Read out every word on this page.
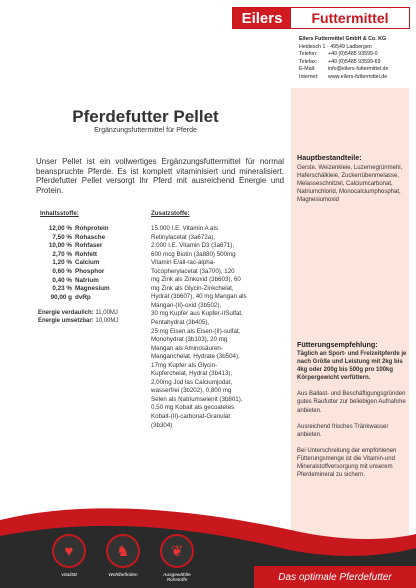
Eilers	Futtermittel
Eilers Futtermittel GmbH & Co. KG
Heidesch 1 · 49549 Ladbergen
Telefon:	+49 (0)5485 93599-0
Telefax:	+49 (0)5485 93599-69
E-Mail:	info@eilers-futtermittel.de
Internet:	www.eilers-futtermittel.de
Pferdefutter Pellet
Ergänzungsfuttermittel für Pferde
Unser Pellet ist ein vollwertiges Ergänzungsfuttermittel für normal beanspruchte Pferde. Es ist komplett vitaminisiert und mineralisiert. Pferdefutter Pellet versorgt Ihr Pferd mit ausreichend Energie und Protein.
Inhaltsstoffe:
12,00 % Rohprotein
7,50 % Rohasche
10,00 % Rohfaser
2,70 % Rohfett
1,20 % Calcium
0,60 % Phosphor
0,40 % Natrium
0,23 % Magnesium
90,00 g dvRp
Energie verdaulich: 11,00MJ
Energie umsetzbar: 10,00MJ
Zusatzstoffe:
15.000 I.E. Vitamin A als
Retinylacetat (3a672a),
2.000 I.E. Vitamin D3 (3a671),
600 mcg Biotin (3a880) 500mg
Vitamin E/all-rac-alpha-
Tocopherylacetat (3a700), 120
mg Zink als Zinkoxid (3b603), 60
mg Zink als Glycin-Zinkchelat,
Hydrat (3b607), 40 mg Mangan als
Mangan-(II)-oxid (3b502),
30 mg Kupfer aus Kupfer-IISulfat,
Pentahydrat (3b405),
25 mg Eisen als Eisen-(II)-sulfat,
Monohydrat (3b103), 20 mg
Mangan als Aminosäuren-
Manganchelat, Hydrate (3b504),
17mg Kupfer als Glycin-
Kupferchelat, Hydrat (3b413),
2,00mg Jod las Calciumjodat,
wasserfrei (3b202), 0,800 mg
Selen als Natriumselenit (3b801),
0,50 mg Kobalt als gecoatetes
Kobalt-(II)-carbonat-Granulat
(3b304)
Hauptbestandteile:
Gerste, Weizenkleie, Luzernegrünmehl, Haferschälkleie, Zuckerrübenmelasse, Melasseschnitzel, Calciumcarbonat, Natriumchlorid, Monocalciumphosphat, Magnesiumoxid
Fütterungsempfehlung:

Täglich an Sport- und Freizeitpferde je nach Größe und Leistung mit 2kg bis 4kg oder 200g bis 500g pro 100kg Körpergewicht verfüttern.

Aus Ballast- und Beschäftigungsgründen gutes Raufutter zur beliebigen Aufnahme anbieten.

Ausreichend frisches Tränkwasser anbieten.

Bei Unterschreitung der empfohlenen Fütterungsmenge ist die Vitamin-und Mineralstoffversorgung mit unserem Pferdemineral zu sichern.

♥
Vitalität
♞
Wohlbefinden
❦
Ausgewählte Rohstoffe	Das optimale Pferdefutter
